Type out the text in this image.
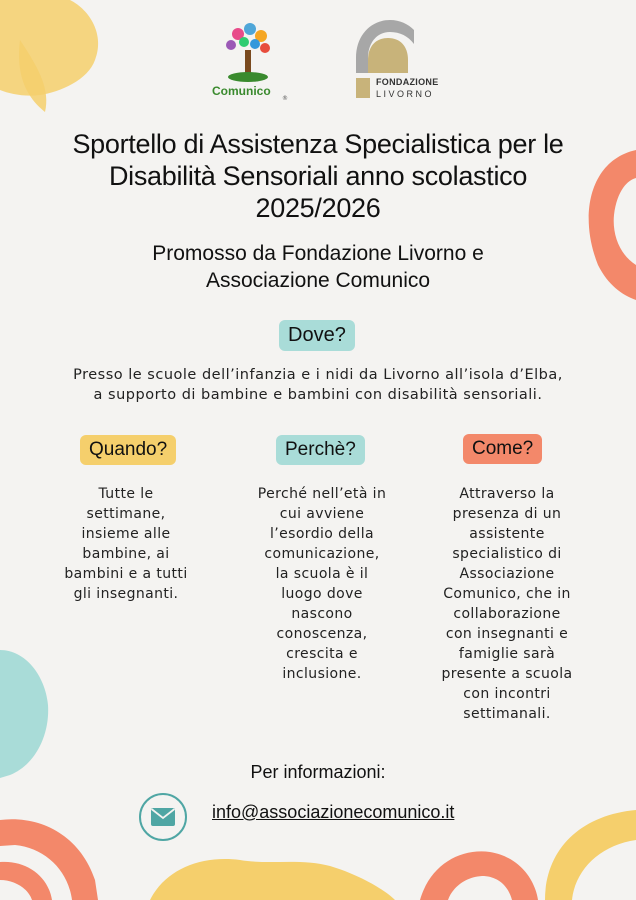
Comunico
®
FONDAZIONE
LIVORNO
Sportello di Assistenza Specialistica per le
Disabilità Sensoriali anno scolastico
2025/2026
Promosso da Fondazione Livorno e
Associazione Comunico
Dove?
Presso le scuole dell’infanzia e i nidi da Livorno all’isola d’Elba,
a supporto di bambine e bambini con disabilità sensoriali.
Quando?	Perchè?	Come?
Tutte le
settimane,
insieme alle
bambine, ai
bambini e a tutti
gli insegnanti.
Perché nell’età in
cui avviene
l’esordio della
comunicazione,
la scuola è il
luogo dove
nascono
conoscenza,
crescita e
inclusione.
Attraverso la
presenza di un
assistente
specialistico di
Associazione
Comunico, che in
collaborazione
con insegnanti e
famiglie sarà
presente a scuola
con incontri
settimanali.
Per informazioni:
info@associazionecomunico.it
